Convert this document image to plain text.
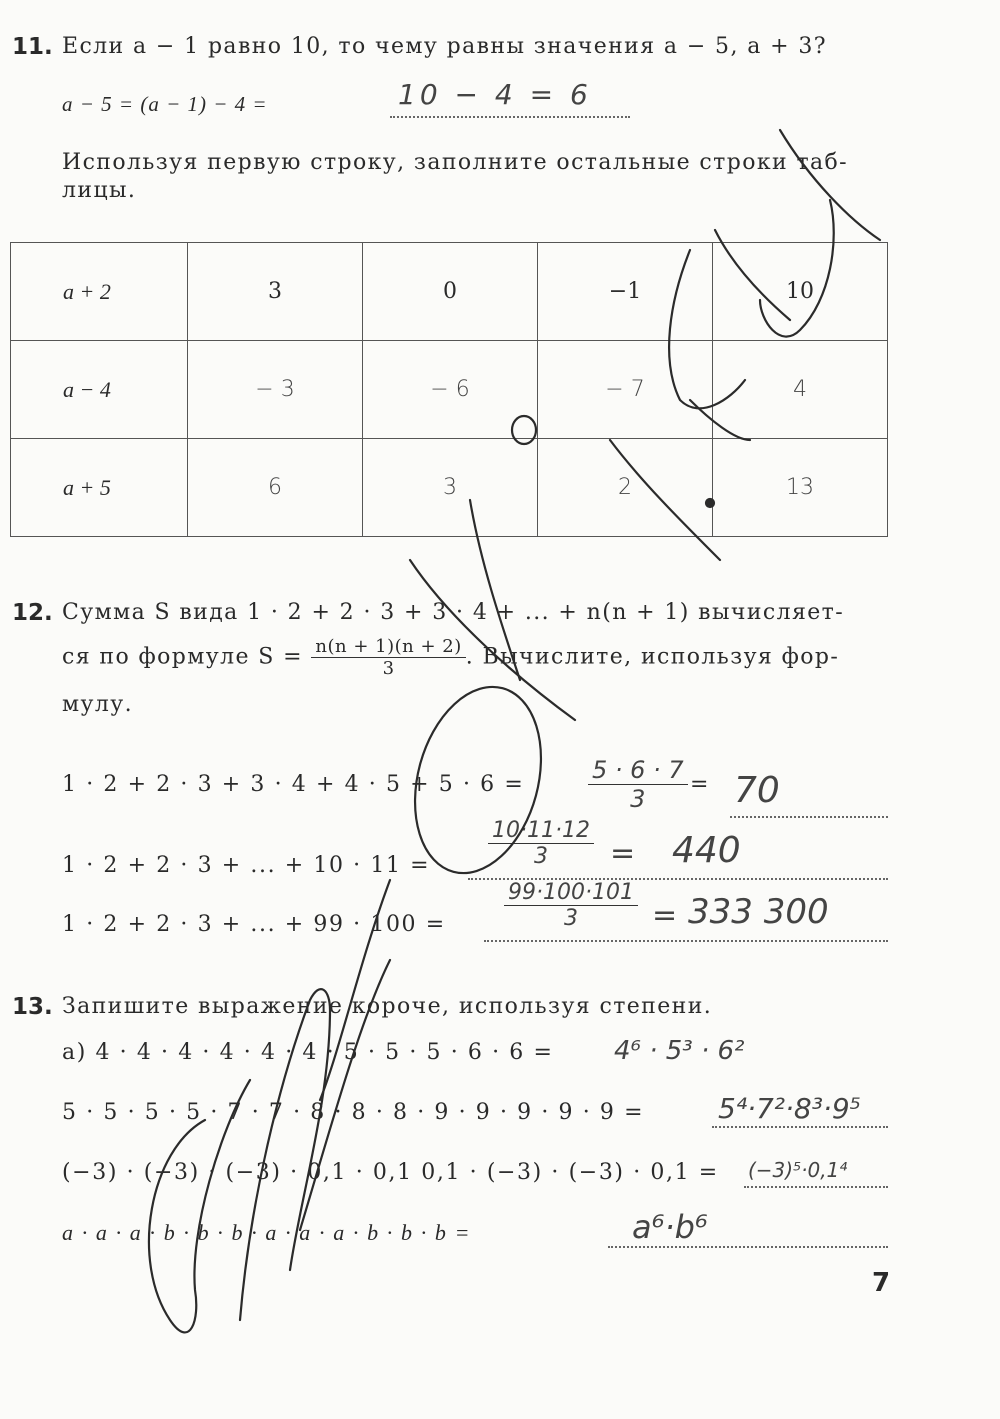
11. Если a − 1 равно 10, то чему равны значения a − 5, a + 3?
a − 5 = (a − 1) − 4 =	10 − 4 = 6
Используя первую строку, заполните остальные строки таб-
лицы.
a + 2	3	0	−1	10
a − 4	− 3	− 6	− 7	4
a + 5	6	3	2	13
12. Сумма S вида 1 · 2 + 2 · 3 + 3 · 4 + ... + n(n + 1) вычисляет-
ся по формуле $S = \frac{n(n + 1)(n + 2)}{3}$ . Вычислите, используя фор-
мулу.
1 · 2 + 2 · 3 + 3 · 4 + 4 · 5 + 5 · 6 =	$\frac{5 \cdot 6 \cdot 7}{3} = 70$
1 · 2 + 2 · 3 + ... + 10 · 11 =	$\frac{10\cdot 11\cdot 12}{3} = 440$
1 · 2 + 2 · 3 + ... + 99 · 100 =	$\frac{99\cdot 100\cdot 101}{3} = 333$ 300
13. Запишите выражение короче, используя степени.
а) 4 · 4 · 4 · 4 · 4 · 4 · 5 · 5 · 5 · 6 · 6 = 4⁶ · 5³ · 6²
5 · 5 · 5 · 5 · 7 · 7 · 8 · 8 · 8 · 9 · 9 · 9 · 9 · 9 =	5⁴·7²·8³·9⁵
(−3) · (−3) · (−3) · 0,1 · 0,1 0,1 · (−3) · (−3) · 0,1 = (−3)⁵·0,1⁴
a · a · a · b · b · b · a · a · a · b · b · b =	a⁶·b⁶
7
